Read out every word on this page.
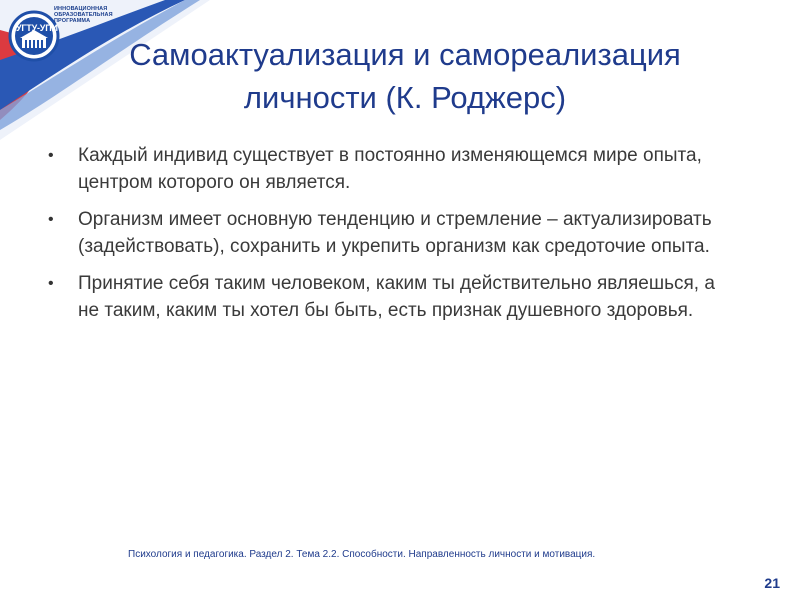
УГТУ-УПИ
ИННОВАЦИОННАЯ ОБРАЗОВАТЕЛЬНАЯ ПРОГРАММА
Самоактуализация и самореализация
личности (К. Роджерс)
• Каждый индивид существует в постоянно изменяющемся мире опыта, центром которого он является.
• Организм имеет основную тенденцию и стремление – актуализировать (задействовать), сохранить и укрепить организм как средоточие опыта.
• Принятие себя таким человеком, каким ты действительно являешься, а не таким, каким ты хотел бы быть, есть признак душевного здоровья.
Психология и педагогика. Раздел 2. Тема 2.2. Способности. Направленность личности и мотивация.
21
